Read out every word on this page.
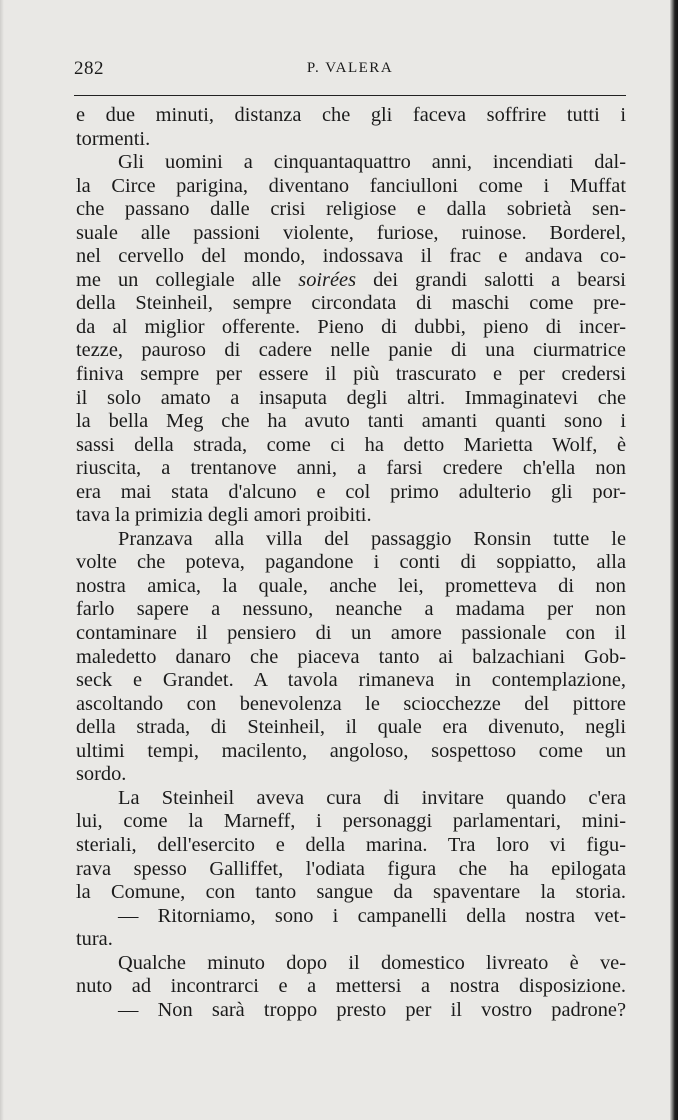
282	P. VALERA
e due minuti, distanza che gli faceva soffrire tutti i
tormenti.
Gli uomini a cinquantaquattro anni, incendiati dal-
la Circe parigina, diventano fanciulloni come i Muffat
che passano dalle crisi religiose e dalla sobrietà sen-
suale alle passioni violente, furiose, ruinose. Borderel,
nel cervello del mondo, indossava il frac e andava co-
me un collegiale alle soirées dei grandi salotti a bearsi
della Steinheil, sempre circondata di maschi come pre-
da al miglior offerente. Pieno di dubbi, pieno di incer-
tezze, pauroso di cadere nelle panie di una ciurmatrice
finiva sempre per essere il più trascurato e per credersi
il solo amato a insaputa degli altri. Immaginatevi che
la bella Meg che ha avuto tanti amanti quanti sono i
sassi della strada, come ci ha detto Marietta Wolf, è
riuscita, a trentanove anni, a farsi credere ch'ella non
era mai stata d'alcuno e col primo adulterio gli por-
tava la primizia degli amori proibiti.
Pranzava alla villa del passaggio Ronsin tutte le
volte che poteva, pagandone i conti di soppiatto, alla
nostra amica, la quale, anche lei, prometteva di non
farlo sapere a nessuno, neanche a madama per non
contaminare il pensiero di un amore passionale con il
maledetto danaro che piaceva tanto ai balzachiani Gob-
seck e Grandet. A tavola rimaneva in contemplazione,
ascoltando con benevolenza le sciocchezze del pittore
della strada, di Steinheil, il quale era divenuto, negli
ultimi tempi, macilento, angoloso, sospettoso come un
sordo.
La Steinheil aveva cura di invitare quando c'era
lui, come la Marneff, i personaggi parlamentari, mini-
steriali, dell'esercito e della marina. Tra loro vi figu-
rava spesso Galliffet, l'odiata figura che ha epilogata
la Comune, con tanto sangue da spaventare la storia.
— Ritorniamo, sono i campanelli della nostra vet-
tura.
Qualche minuto dopo il domestico livreato è ve-
nuto ad incontrarci e a mettersi a nostra disposizione.
— Non sarà troppo presto per il vostro padrone?
